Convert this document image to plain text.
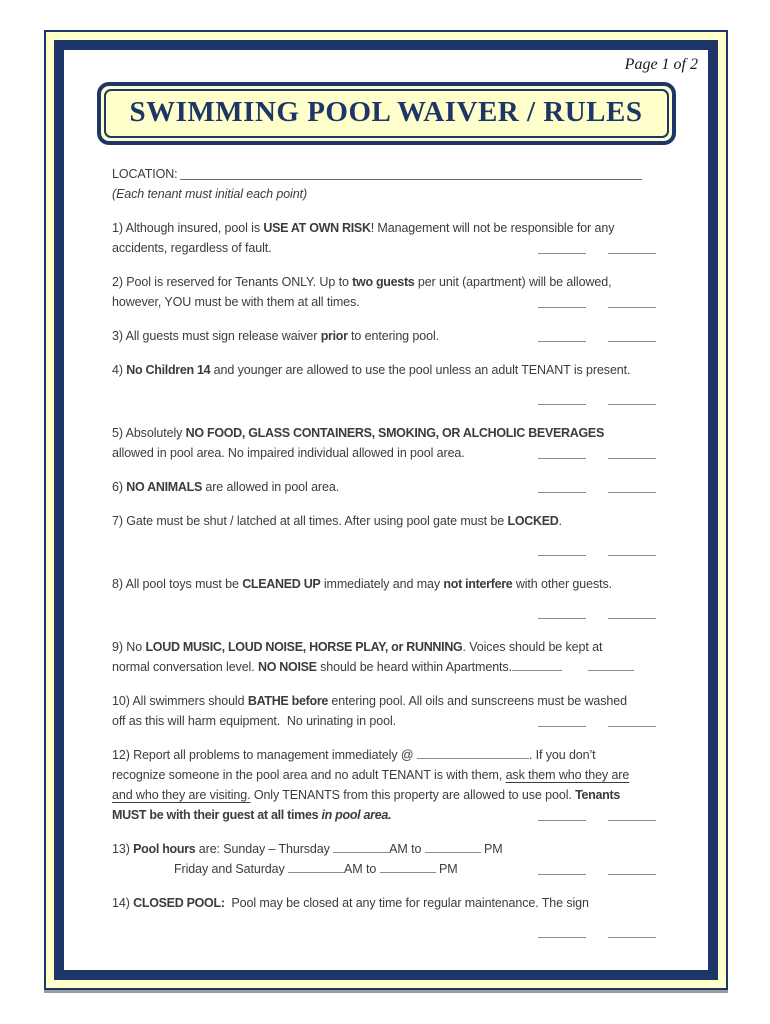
Page 1 of 2
SWIMMING POOL WAIVER / RULES
LOCATION:
(Each tenant must initial each point)
1) Although insured, pool is USE AT OWN RISK! Management will not be responsible for any
accidents, regardless of fault.
2) Pool is reserved for Tenants ONLY. Up to two guests per unit (apartment) will be allowed,
however, YOU must be with them at all times.
3) All guests must sign release waiver prior to entering pool.
4) No Children 14 and younger are allowed to use the pool unless an adult TENANT is present.
5) Absolutely NO FOOD, GLASS CONTAINERS, SMOKING, OR ALCHOLIC BEVERAGES
allowed in pool area. No impaired individual allowed in pool area.
6) NO ANIMALS are allowed in pool area.
7) Gate must be shut / latched at all times. After using pool gate must be LOCKED.
8) All pool toys must be CLEANED UP immediately and may not interfere with other guests.
9) No LOUD MUSIC, LOUD NOISE, HORSE PLAY, or RUNNING. Voices should be kept at
normal conversation level. NO NOISE should be heard within Apartments.
10) All swimmers should BATHE before entering pool. All oils and sunscreens must be washed
off as this will harm equipment.  No urinating in pool.
12) Report all problems to management immediately @	. If you don’t
recognize someone in the pool area and no adult TENANT is with them, ask them who they are
and who they are visiting. Only TENANTS from this property are allowed to use pool. Tenants
MUST be with their guest at all times in pool area.
13) Pool hours are: Sunday – Thursday	AM to	PM
Friday and Saturday	AM to	PM
14) CLOSED POOL:  Pool may be closed at any time for regular maintenance. The sign
